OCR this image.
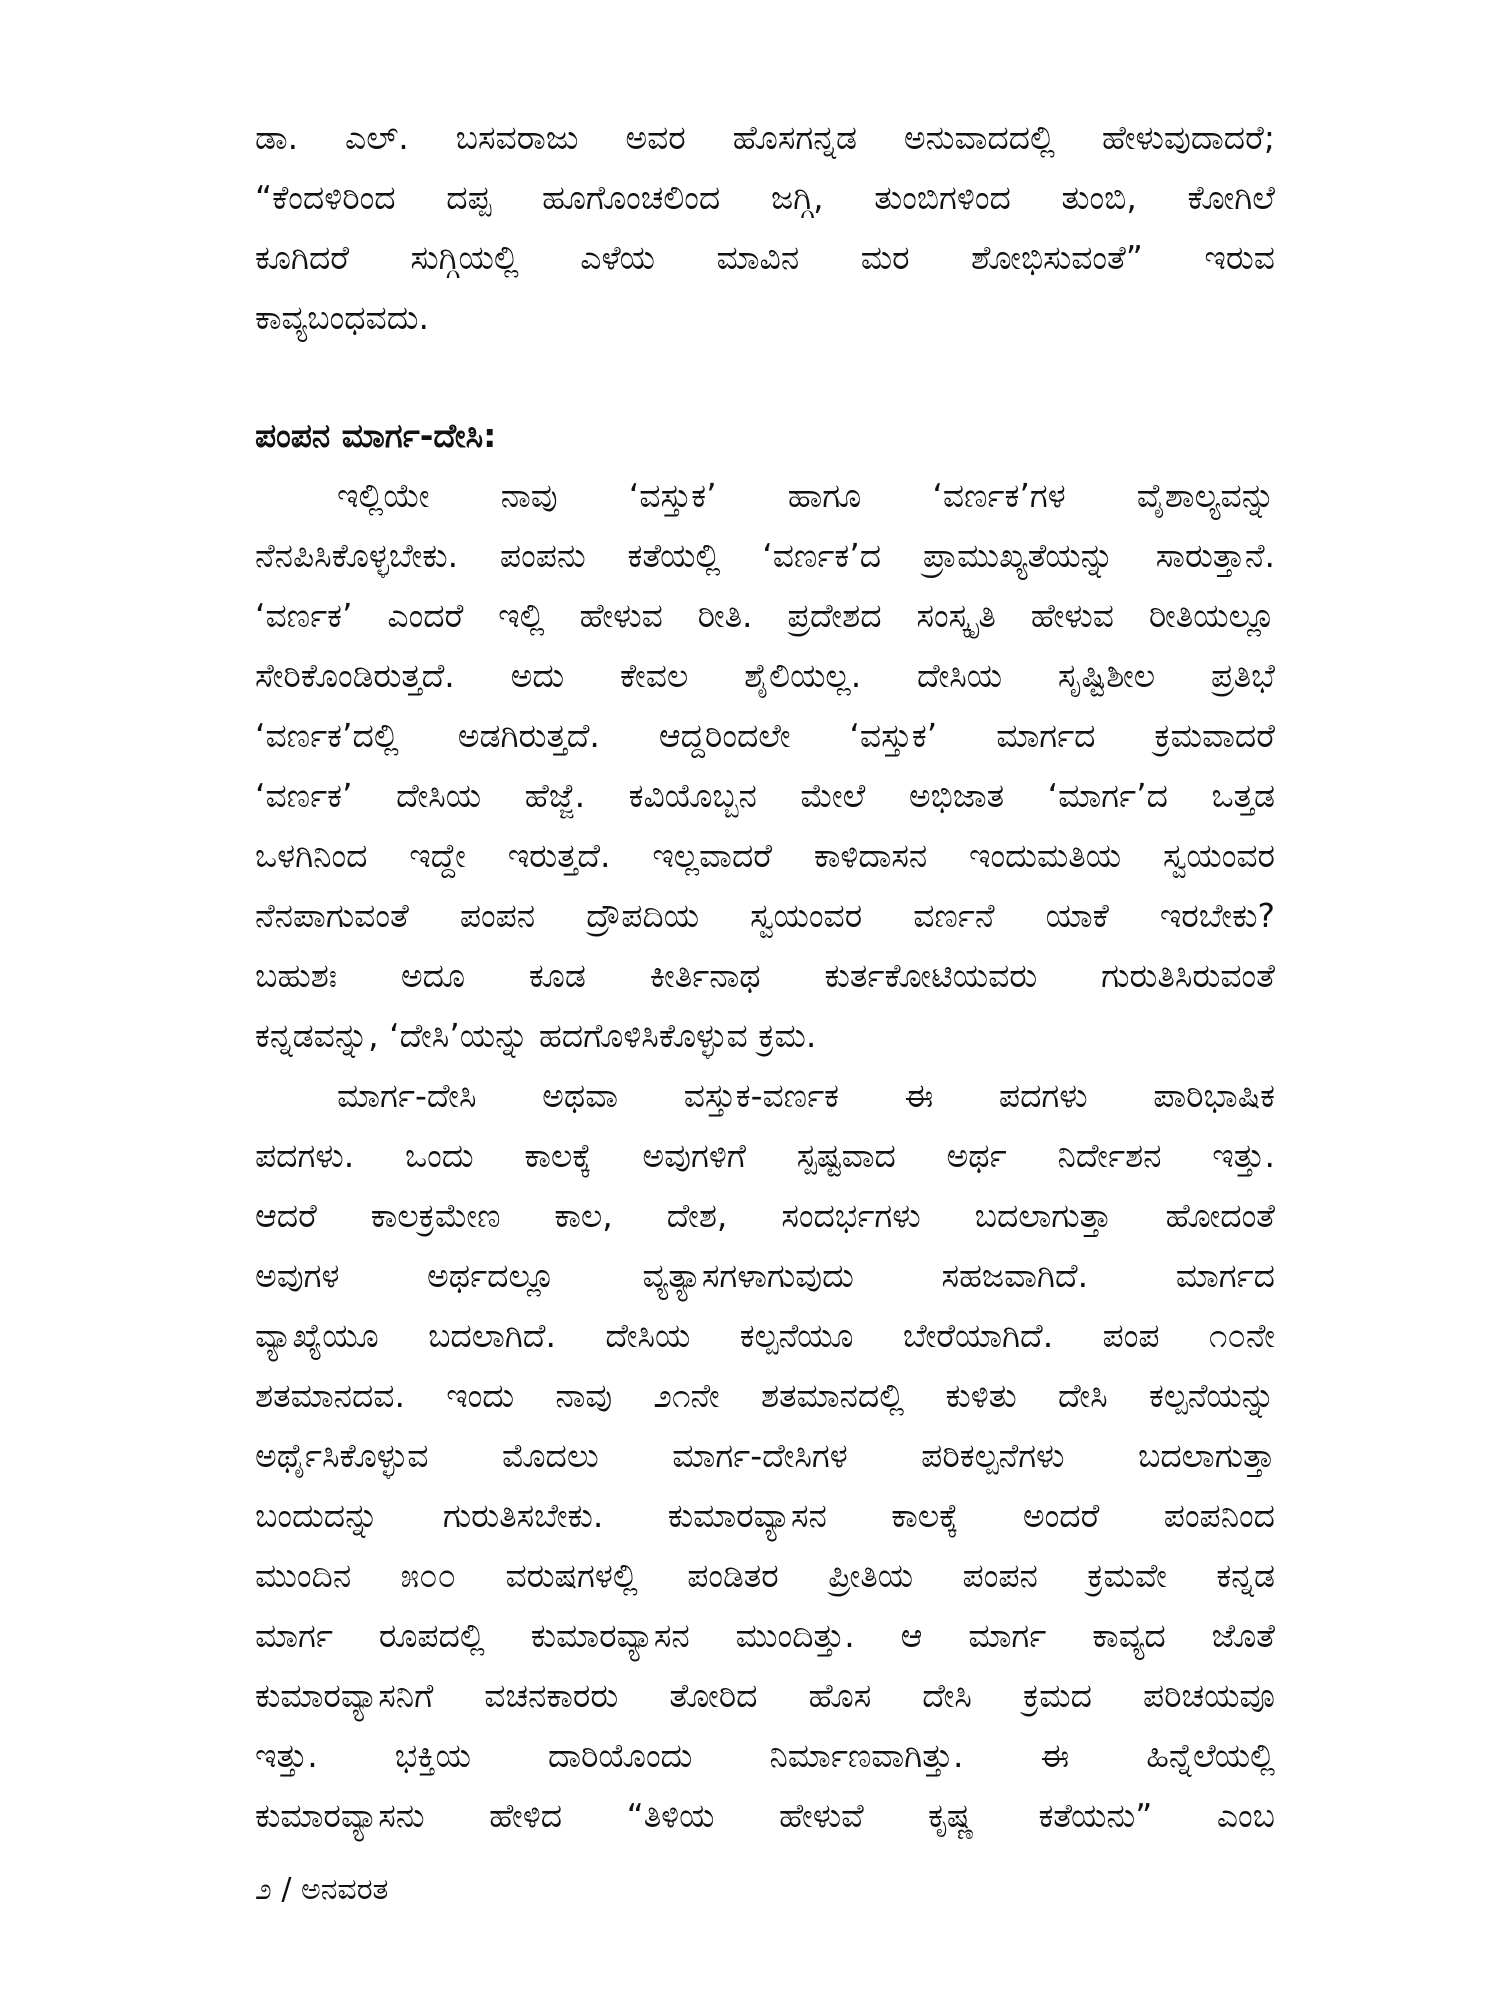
ಡಾ. ಎಲ್. ಬಸವರಾಜು ಅವರ ಹೊಸಗನ್ನಡ ಅನುವಾದದಲ್ಲಿ ಹೇಳುವುದಾದರೆ;
“ಕೆಂದಳಿರಿಂದ ದಪ್ಪ ಹೂಗೊಂಚಲಿಂದ ಜಗ್ಗಿ, ತುಂಬಿಗಳಿಂದ ತುಂಬಿ, ಕೋಗಿಲೆ
ಕೂಗಿದರೆ ಸುಗ್ಗಿಯಲ್ಲಿ ಎಳೆಯ ಮಾವಿನ ಮರ ಶೋಭಿಸುವಂತೆ” ಇರುವ
ಕಾವ್ಯಬಂಧವದು.
ಪಂಪನ ಮಾರ್ಗ-ದೇಸಿ:
ಇಲ್ಲಿಯೇ ನಾವು ‘ವಸ್ತುಕ’ ಹಾಗೂ ‘ವರ್ಣಕ’ಗಳ ವೈಶಾಲ್ಯವನ್ನು
ನೆನಪಿಸಿಕೊಳ್ಳಬೇಕು. ಪಂಪನು ಕತೆಯಲ್ಲಿ ‘ವರ್ಣಕ’ದ ಪ್ರಾಮುಖ್ಯತೆಯನ್ನು ಸಾರುತ್ತಾನೆ.
‘ವರ್ಣಕ’ ಎಂದರೆ ಇಲ್ಲಿ ಹೇಳುವ ರೀತಿ. ಪ್ರದೇಶದ ಸಂಸ್ಕೃತಿ ಹೇಳುವ ರೀತಿಯಲ್ಲೂ
ಸೇರಿಕೊಂಡಿರುತ್ತದೆ. ಅದು ಕೇವಲ ಶೈಲಿಯಲ್ಲ. ದೇಸಿಯ ಸೃಷ್ಟಿಶೀಲ ಪ್ರತಿಭೆ
‘ವರ್ಣಕ’ದಲ್ಲಿ ಅಡಗಿರುತ್ತದೆ. ಆದ್ದರಿಂದಲೇ ‘ವಸ್ತುಕ’ ಮಾರ್ಗದ ಕ್ರಮವಾದರೆ
‘ವರ್ಣಕ’ ದೇಸಿಯ ಹೆಜ್ಜೆ. ಕವಿಯೊಬ್ಬನ ಮೇಲೆ ಅಭಿಜಾತ ‘ಮಾರ್ಗ’ದ ಒತ್ತಡ
ಒಳಗಿನಿಂದ ಇದ್ದೇ ಇರುತ್ತದೆ. ಇಲ್ಲವಾದರೆ ಕಾಳಿದಾಸನ ಇಂದುಮತಿಯ ಸ್ವಯಂವರ
ನೆನಪಾಗುವಂತೆ ಪಂಪನ ದ್ರೌಪದಿಯ ಸ್ವಯಂವರ ವರ್ಣನೆ ಯಾಕೆ ಇರಬೇಕು?
ಬಹುಶಃ ಅದೂ ಕೂಡ ಕೀರ್ತಿನಾಥ ಕುರ್ತಕೋಟಿಯವರು ಗುರುತಿಸಿರುವಂತೆ
ಕನ್ನಡವನ್ನು, ‘ದೇಸಿ’ಯನ್ನು ಹದಗೊಳಿಸಿಕೊಳ್ಳುವ ಕ್ರಮ.
ಮಾರ್ಗ-ದೇಸಿ ಅಥವಾ ವಸ್ತುಕ-ವರ್ಣಕ ಈ ಪದಗಳು ಪಾರಿಭಾಷಿಕ
ಪದಗಳು. ಒಂದು ಕಾಲಕ್ಕೆ ಅವುಗಳಿಗೆ ಸ್ಪಷ್ಟವಾದ ಅರ್ಥ ನಿರ್ದೇಶನ ಇತ್ತು.
ಆದರೆ ಕಾಲಕ್ರಮೇಣ ಕಾಲ, ದೇಶ, ಸಂದರ್ಭಗಳು ಬದಲಾಗುತ್ತಾ ಹೋದಂತೆ
ಅವುಗಳ ಅರ್ಥದಲ್ಲೂ ವ್ಯತ್ಯಾಸಗಳಾಗುವುದು ಸಹಜವಾಗಿದೆ. ಮಾರ್ಗದ
ವ್ಯಾಖ್ಯೆಯೂ ಬದಲಾಗಿದೆ. ದೇಸಿಯ ಕಲ್ಪನೆಯೂ ಬೇರೆಯಾಗಿದೆ. ಪಂಪ ೧೦ನೇ
ಶತಮಾನದವ. ಇಂದು ನಾವು ೨೧ನೇ ಶತಮಾನದಲ್ಲಿ ಕುಳಿತು ದೇಸಿ ಕಲ್ಪನೆಯನ್ನು
ಅರ್ಥೈಸಿಕೊಳ್ಳುವ ಮೊದಲು ಮಾರ್ಗ-ದೇಸಿಗಳ ಪರಿಕಲ್ಪನೆಗಳು ಬದಲಾಗುತ್ತಾ
ಬಂದುದನ್ನು ಗುರುತಿಸಬೇಕು. ಕುಮಾರವ್ಯಾಸನ ಕಾಲಕ್ಕೆ ಅಂದರೆ ಪಂಪನಿಂದ
ಮುಂದಿನ ೫೦೦ ವರುಷಗಳಲ್ಲಿ ಪಂಡಿತರ ಪ್ರೀತಿಯ ಪಂಪನ ಕ್ರಮವೇ ಕನ್ನಡ
ಮಾರ್ಗ ರೂಪದಲ್ಲಿ ಕುಮಾರವ್ಯಾಸನ ಮುಂದಿತ್ತು. ಆ ಮಾರ್ಗ ಕಾವ್ಯದ ಜೊತೆ
ಕುಮಾರವ್ಯಾಸನಿಗೆ ವಚನಕಾರರು ತೋರಿದ ಹೊಸ ದೇಸಿ ಕ್ರಮದ ಪರಿಚಯವೂ
ಇತ್ತು. ಭಕ್ತಿಯ ದಾರಿಯೊಂದು ನಿರ್ಮಾಣವಾಗಿತ್ತು. ಈ ಹಿನ್ನೆಲೆಯಲ್ಲಿ
ಕುಮಾರವ್ಯಾಸನು ಹೇಳಿದ “ತಿಳಿಯ ಹೇಳುವೆ ಕೃಷ್ಣ ಕತೆಯನು” ಎಂಬ
೨ / ಅನವರತ
